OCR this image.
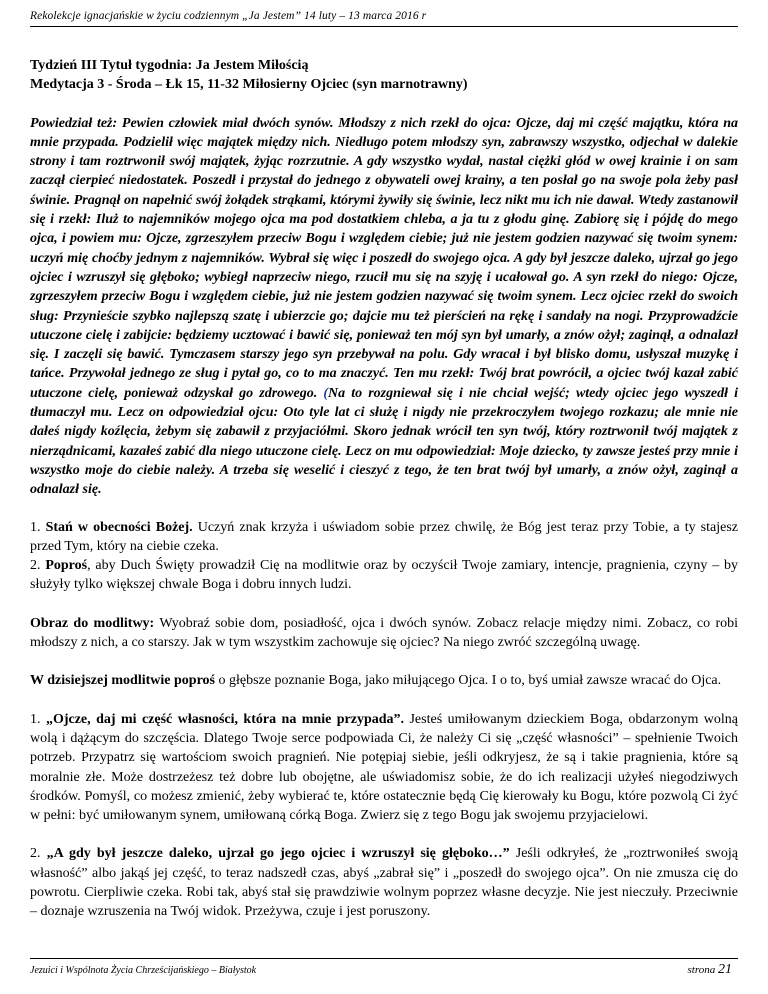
Rekolekcje ignacjańskie w życiu codziennym „Ja Jestem” 14 luty – 13 marca 2016 r

Tydzień III Tytuł tygodnia: Ja Jestem Miłością

Medytacja 3 - Środa – Łk 15, 11-32 Miłosierny Ojciec (syn marnotrawny)

Powiedział też: Pewien człowiek miał dwóch synów. Młodszy z nich rzekł do ojca: Ojcze, daj mi część majątku, która na mnie przypada. Podzielił więc majątek między nich. Niedługo potem młodszy syn, zabrawszy wszystko, odjechał w dalekie strony i tam roztrwonił swój majątek, żyjąc rozrzutnie. A gdy wszystko wydał, nastał ciężki głód w owej krainie i on sam zaczął cierpieć niedostatek. Poszedł i przystał do jednego z obywateli owej krainy, a ten posłał go na swoje pola żeby pasł świnie. Pragnął on napełnić swój żołądek strąkami, którymi żywiły się świnie, lecz nikt mu ich nie dawał. Wtedy zastanowił się i rzekł: Iluż to najemników mojego ojca ma pod dostatkiem chleba, a ja tu z głodu ginę. Zabiorę się i pójdę do mego ojca, i powiem mu: Ojcze, zgrzeszyłem przeciw Bogu i względem ciebie; już nie jestem godzien nazywać się twoim synem: uczyń mię choćby jednym z najemników. Wybrał się więc i poszedł do swojego ojca. A gdy był jeszcze daleko, ujrzał go jego ojciec i wzruszył się głęboko; wybiegł naprzeciw niego, rzucił mu się na szyję i ucałował go. A syn rzekł do niego: Ojcze, zgrzeszyłem przeciw Bogu i względem ciebie, już nie jestem godzien nazywać się twoim synem. Lecz ojciec rzekł do swoich sług: Przynieście szybko najlepszą szatę i ubierzcie go; dajcie mu też pierścień na rękę i sandały na nogi. Przyprowadźcie utuczone cielę i zabijcie: będziemy ucztować i bawić się, ponieważ ten mój syn był umarły, a znów ożył; zaginął, a odnalazł się. I zaczęli się bawić. Tymczasem starszy jego syn przebywał na polu. Gdy wracał i był blisko domu, usłyszał muzykę i tańce. Przywołał jednego ze sług i pytał go, co to ma znaczyć. Ten mu rzekł: Twój brat powrócił, a ojciec twój kazał zabić utuczone cielę, ponieważ odzyskał go zdrowego. (Na to rozgniewał się i nie chciał wejść; wtedy ojciec jego wyszedł i tłumaczył mu. Lecz on odpowiedział ojcu: Oto tyle lat ci służę i nigdy nie przekroczyłem twojego rozkazu; ale mnie nie dałeś nigdy koźlęcia, żebym się zabawił z przyjaciółmi. Skoro jednak wrócił ten syn twój, który roztrwonił twój majątek z nierządnicami, kazałeś zabić dla niego utuczone cielę. Lecz on mu odpowiedział: Moje dziecko, ty zawsze jesteś przy mnie i wszystko moje do ciebie należy. A trzeba się weselić i cieszyć z tego, że ten brat twój był umarły, a znów ożył, zaginął a odnalazł się.

1. Stań w obecności Bożej. Uczyń znak krzyża i uświadom sobie przez chwilę, że Bóg jest teraz przy Tobie, a ty stajesz przed Tym, który na ciebie czeka.

2. Poproś, aby Duch Święty prowadził Cię na modlitwie oraz by oczyścił Twoje zamiary, intencje, pragnienia, czyny – by służyły tylko większej chwale Boga i dobru innych ludzi.

Obraz do modlitwy: Wyobraź sobie dom, posiadłość, ojca i dwóch synów. Zobacz relacje między nimi. Zobacz, co robi młodszy z nich, a co starszy. Jak w tym wszystkim zachowuje się ojciec? Na niego zwróć szczególną uwagę.

W dzisiejszej modlitwie poproś o głębsze poznanie Boga, jako miłującego Ojca. I o to, byś umiał zawsze wracać do Ojca.

1. „Ojcze, daj mi część własności, która na mnie przypada”. Jesteś umiłowanym dzieckiem Boga, obdarzonym wolną wolą i dążącym do szczęścia. Dlatego Twoje serce podpowiada Ci, że należy Ci się „część własności” – spełnienie Twoich potrzeb. Przypatrz się wartościom swoich pragnień. Nie potępiaj siebie, jeśli odkryjesz, że są i takie pragnienia, które są moralnie złe. Może dostrzeżesz też dobre lub obojętne, ale uświadomisz sobie, że do ich realizacji użyłeś niegodziwych środków. Pomyśl, co możesz zmienić, żeby wybierać te, które ostatecznie będą Cię kierowały ku Bogu, które pozwolą Ci żyć w pełni: być umiłowanym synem, umiłowaną córką Boga. Zwierz się z tego Bogu jak swojemu przyjacielowi.

2. „A gdy był jeszcze daleko, ujrzał go jego ojciec i wzruszył się głęboko…” Jeśli odkryłeś, że „roztrwoniłeś swoją własność” albo jakąś jej część, to teraz nadszedł czas, abyś „zabrał się” i „poszedł do swojego ojca”. On nie zmusza cię do powrotu. Cierpliwie czeka. Robi tak, abyś stał się prawdziwie wolnym poprzez własne decyzje. Nie jest nieczuły. Przeciwnie – doznaje wzruszenia na Twój widok. Przeżywa, czuje i jest poruszony.

Jezuici i Wspólnota Życia Chrześcijańskiego – Białystok	strona 21
